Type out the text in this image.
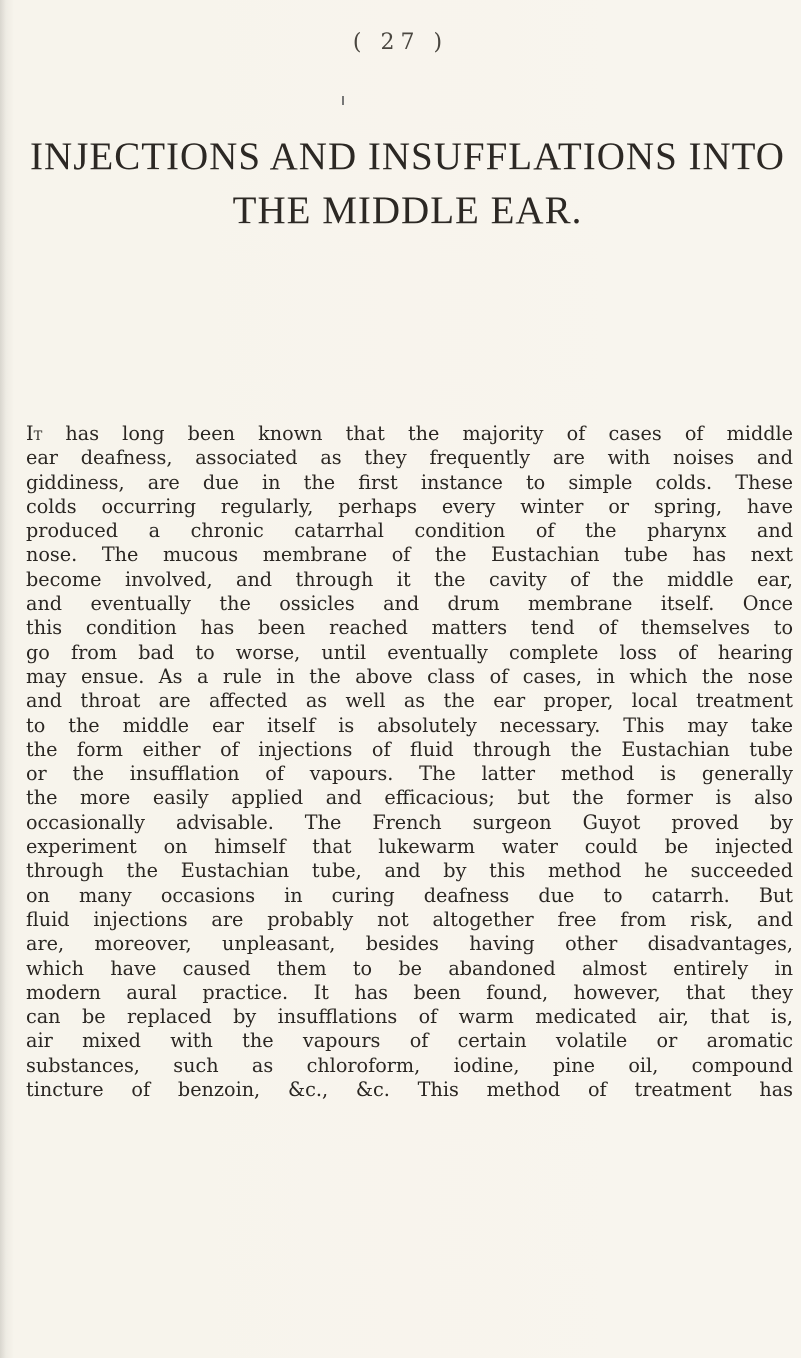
( 27 )
INJECTIONS AND INSUFFLATIONS INTO
THE MIDDLE EAR.
It has long been known that the majority of cases of middle
ear deafness, associated as they frequently are with noises and
giddiness, are due in the first instance to simple colds. These
colds occurring regularly, perhaps every winter or spring, have
produced a chronic catarrhal condition of the pharynx and
nose. The mucous membrane of the Eustachian tube has next
become involved, and through it the cavity of the middle ear,
and eventually the ossicles and drum membrane itself. Once
this condition has been reached matters tend of themselves to
go from bad to worse, until eventually complete loss of hearing
may ensue. As a rule in the above class of cases, in which the nose
and throat are affected as well as the ear proper, local treatment
to the middle ear itself is absolutely necessary. This may take
the form either of injections of fluid through the Eustachian tube
or the insufflation of vapours. The latter method is generally
the more easily applied and efficacious; but the former is also
occasionally advisable. The French surgeon Guyot proved by
experiment on himself that lukewarm water could be injected
through the Eustachian tube, and by this method he succeeded
on many occasions in curing deafness due to catarrh. But
fluid injections are probably not altogether free from risk, and
are, moreover, unpleasant, besides having other disadvantages,
which have caused them to be abandoned almost entirely in
modern aural practice. It has been found, however, that they
can be replaced by insufflations of warm medicated air, that is,
air mixed with the vapours of certain volatile or aromatic
substances, such as chloroform, iodine, pine oil, compound
tincture of benzoin, &c., &c. This method of treatment has
